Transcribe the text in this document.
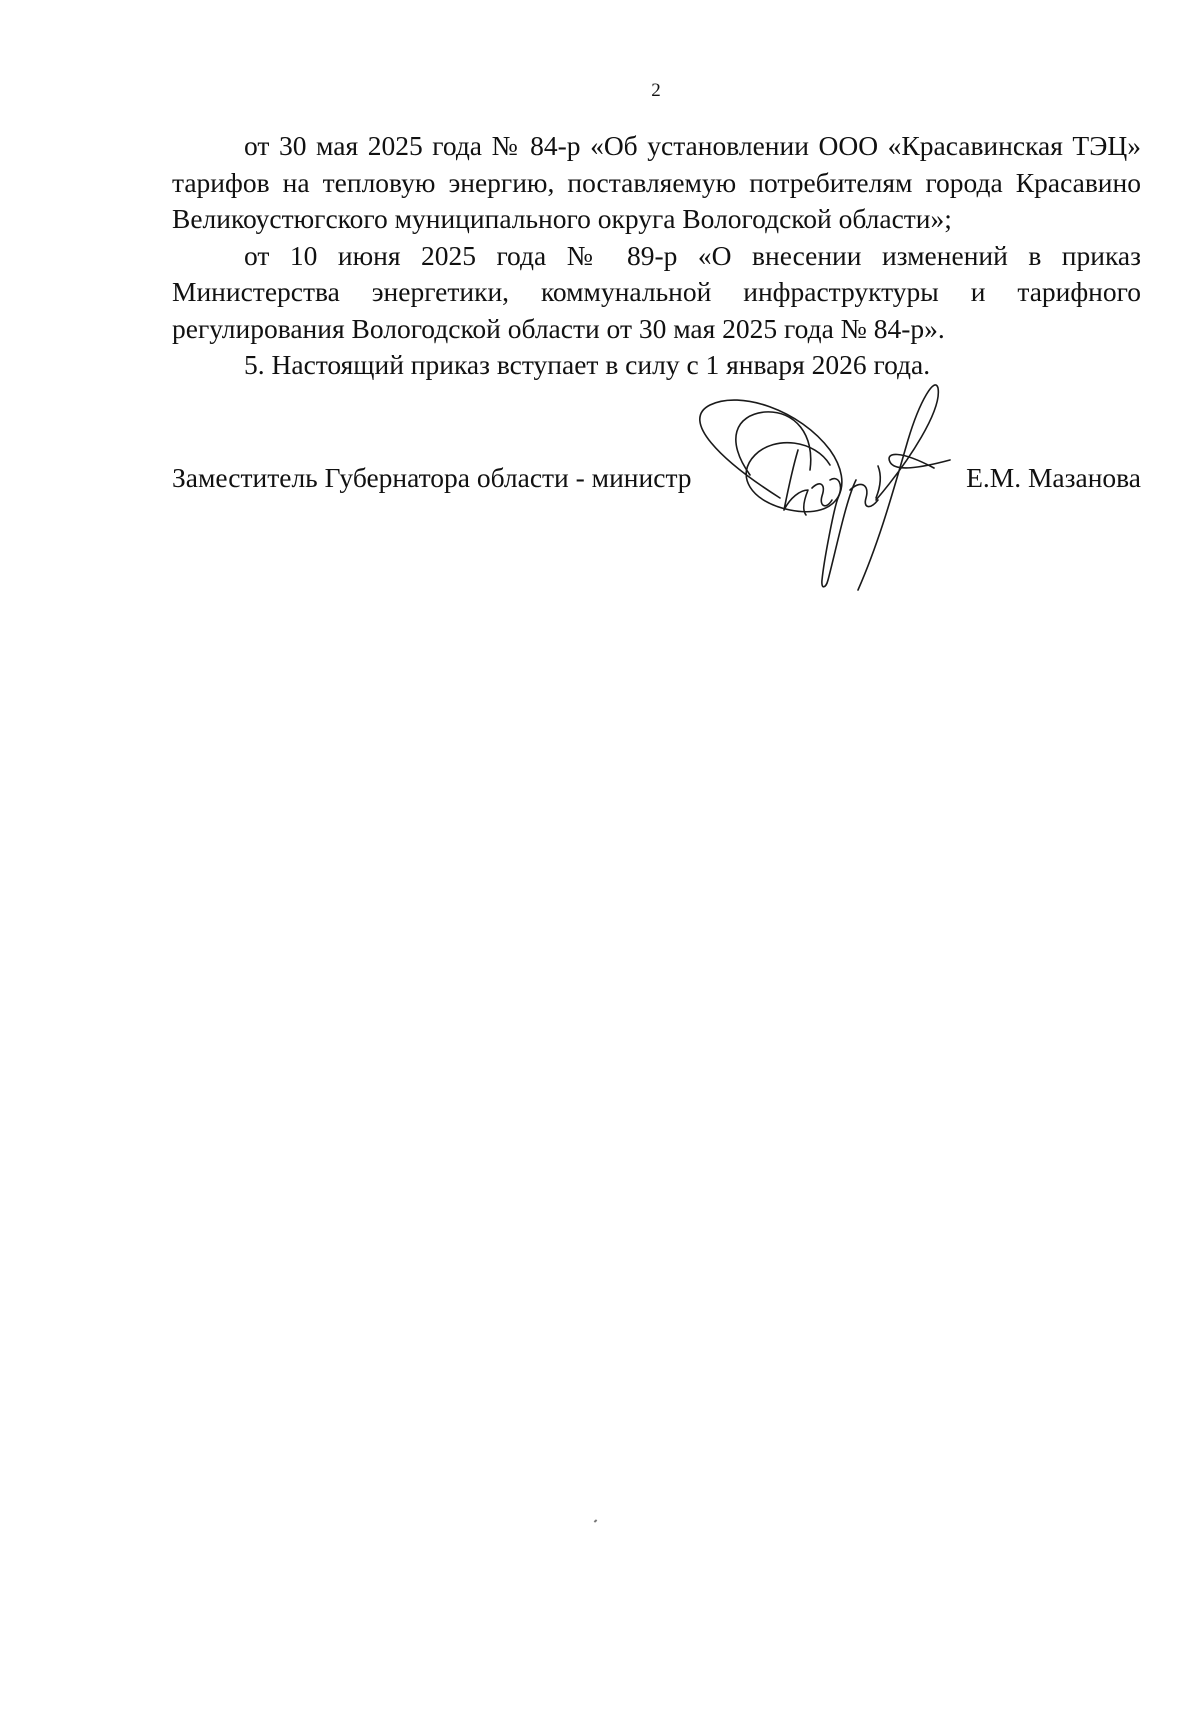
2

от 30 мая 2025 года № 84-р «Об установлении ООО «Красавинская ТЭЦ» тарифов на тепловую энергию, поставляемую потребителям города Красавино Великоустюгского муниципального округа Вологодской области»;

от 10 июня 2025 года № 89-р «О внесении изменений в приказ Министерства энергетики, коммунальной инфраструктуры и тарифного регулирования Вологодской области от 30 мая 2025 года № 84-р».

5. Настоящий приказ вступает в силу с 1 января 2026 года.

Заместитель Губернатора области - министр	Е.М. Мазанова
